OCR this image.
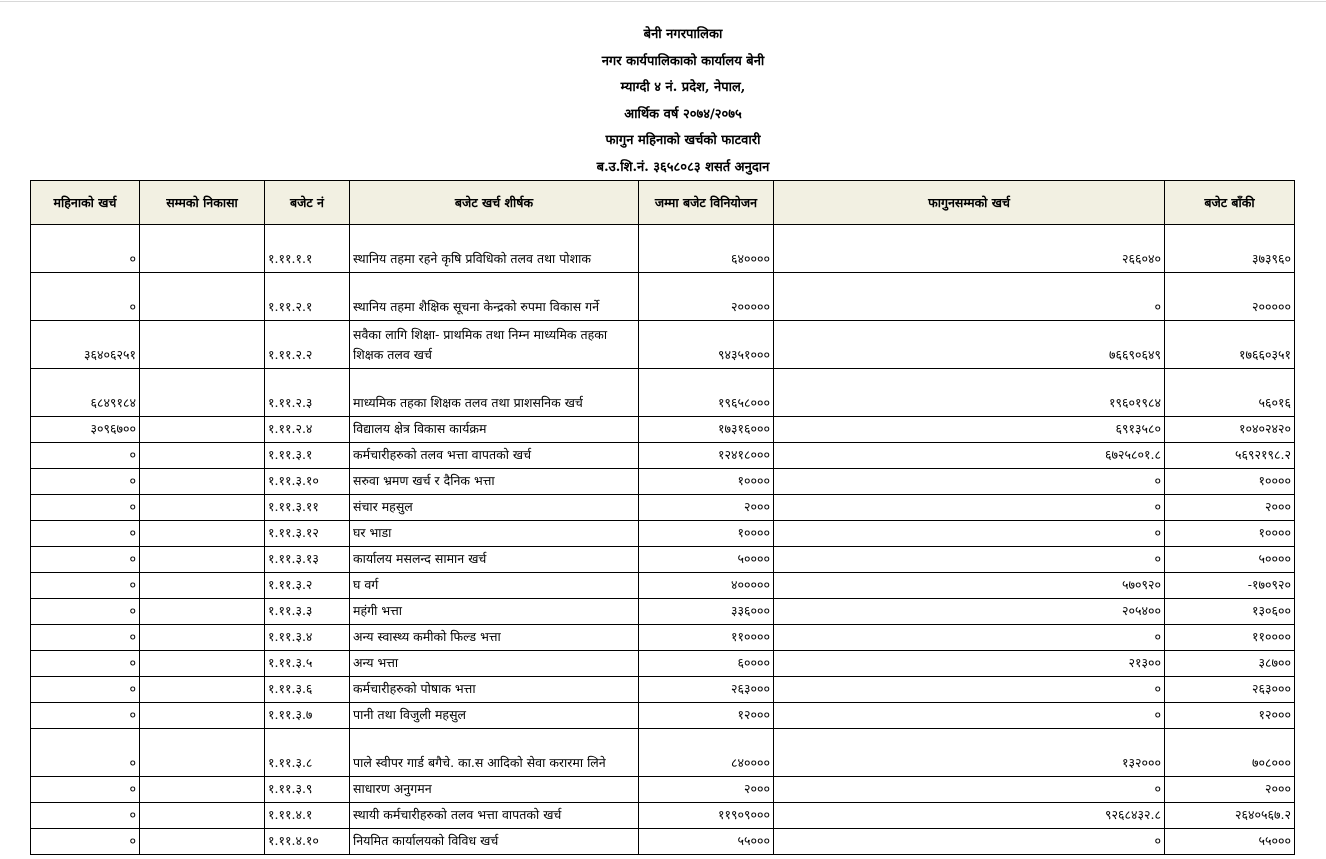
बेनी नगरपालिका
नगर कार्यपालिकाको कार्यालय बेनी
म्याग्दी ४ नं. प्रदेश, नेपाल,
आर्थिक वर्ष २०७४/२०७५
फागुन महिनाको खर्चको फाटवारी
ब.उ.शि.नं. ३६५८०८३ शसर्त अनुदान
महिनाको खर्च	सम्मको निकासा	बजेट नं	बजेट खर्च शीर्षक	जम्मा बजेट विनियोजन	फागुनसम्मको खर्च	बजेट बाँकी
०		१.११.१.१	स्थानिय तहमा रहने कृषि प्रविधिको तलव तथा पोशाक	६४००००	२६६०४०	३७३९६०
०		१.११.२.१	स्थानिय तहमा शैक्षिक सूचना केन्द्रको रुपमा विकास गर्ने	२०००००	०	२०००००
३६४०६२५१		१.११.२.२	सवैका लागि शिक्षा- प्राथमिक तथा निम्न माध्यमिक तहका शिक्षक तलव खर्च	९४३५१०००	७६६९०६४९	१७६६०३५१
६८४९१८४		१.११.२.३	माध्यमिक तहका शिक्षक तलव तथा प्राशसनिक खर्च	१९६५८०००	१९६०१९८४	५६०१६
३०९६७००		१.११.२.४	विद्यालय क्षेत्र विकास कार्यक्रम	१७३१६०००	६९१३५८०	१०४०२४२०
०		१.११.३.१	कर्मचारीहरुको तलव भत्ता वापतको खर्च	१२४१८०००	६७२५८०१.८	५६९२१९८.२
०		१.११.३.१०	सरुवा भ्रमण खर्च र दैनिक भत्ता	१००००	०	१००००
०		१.११.३.११	संचार महसुल	२०००	०	२०००
०		१.११.३.१२	घर भाडा	१००००	०	१००००
०		१.११.३.१३	कार्यालय मसलन्द सामान खर्च	५००००	०	५००००
०		१.११.३.२	घ वर्ग	४०००००	५७०९२०	-१७०९२०
०		१.११.३.३	महंगी भत्ता	३३६०००	२०५४००	१३०६००
०		१.११.३.४	अन्य स्वास्थ्य कमीको फिल्ड भत्ता	११००००	०	११००००
०		१.११.३.५	अन्य भत्ता	६००००	२१३००	३८७००
०		१.११.३.६	कर्मचारीहरुको पोषाक भत्ता	२६३०००	०	२६३०००
०		१.११.३.७	पानी तथा विजुली महसुल	१२०००	०	१२०००
०		१.११.३.८	पाले स्वीपर गार्ड बगैचे. का.स आदिको सेवा करारमा लिने	८४००००	१३२०००	७०८०००
०		१.११.३.९	साधारण अनुगमन	२०००	०	२०००
०		१.११.४.१	स्थायी कर्मचारीहरुको तलव भत्ता वापतको खर्च	११९०९०००	९२६८४३२.८	२६४०५६७.२
०		१.११.४.१०	नियमित कार्यालयको विविध खर्च	५५०००	०	५५०००
